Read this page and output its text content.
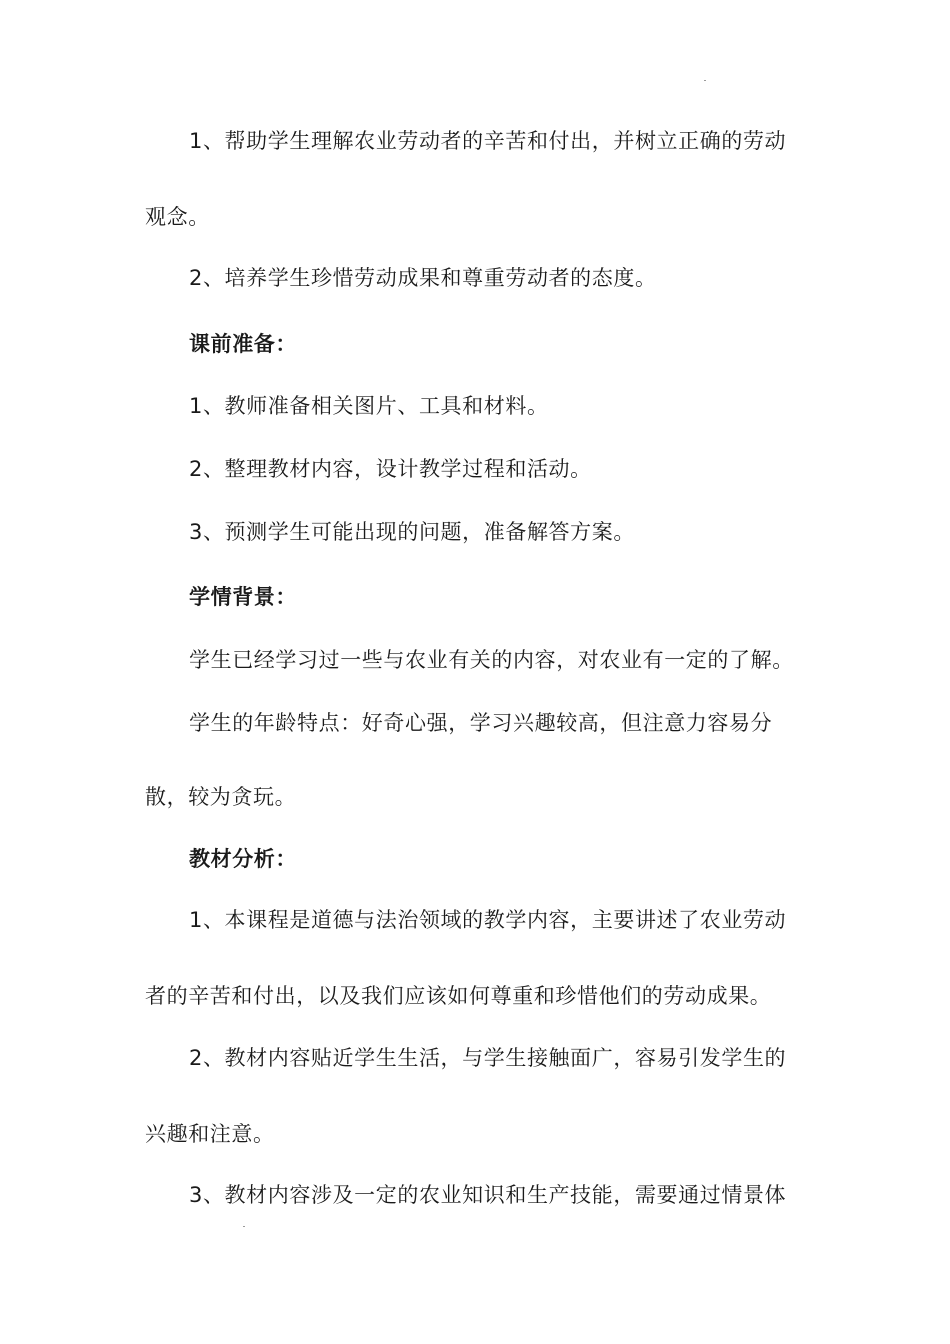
1、帮助学生理解农业劳动者的辛苦和付出，并树立正确的劳动
观念。
2、培养学生珍惜劳动成果和尊重劳动者的态度。
课前准备：
1、教师准备相关图片、工具和材料。
2、整理教材内容，设计教学过程和活动。
3、预测学生可能出现的问题，准备解答方案。
学情背景：
学生已经学习过一些与农业有关的内容，对农业有一定的了解。
学生的年龄特点：好奇心强，学习兴趣较高，但注意力容易分
散，较为贪玩。
教材分析：
1、本课程是道德与法治领域的教学内容，主要讲述了农业劳动
者的辛苦和付出，以及我们应该如何尊重和珍惜他们的劳动成果。
2、教材内容贴近学生生活，与学生接触面广，容易引发学生的
兴趣和注意。
3、教材内容涉及一定的农业知识和生产技能，需要通过情景体
